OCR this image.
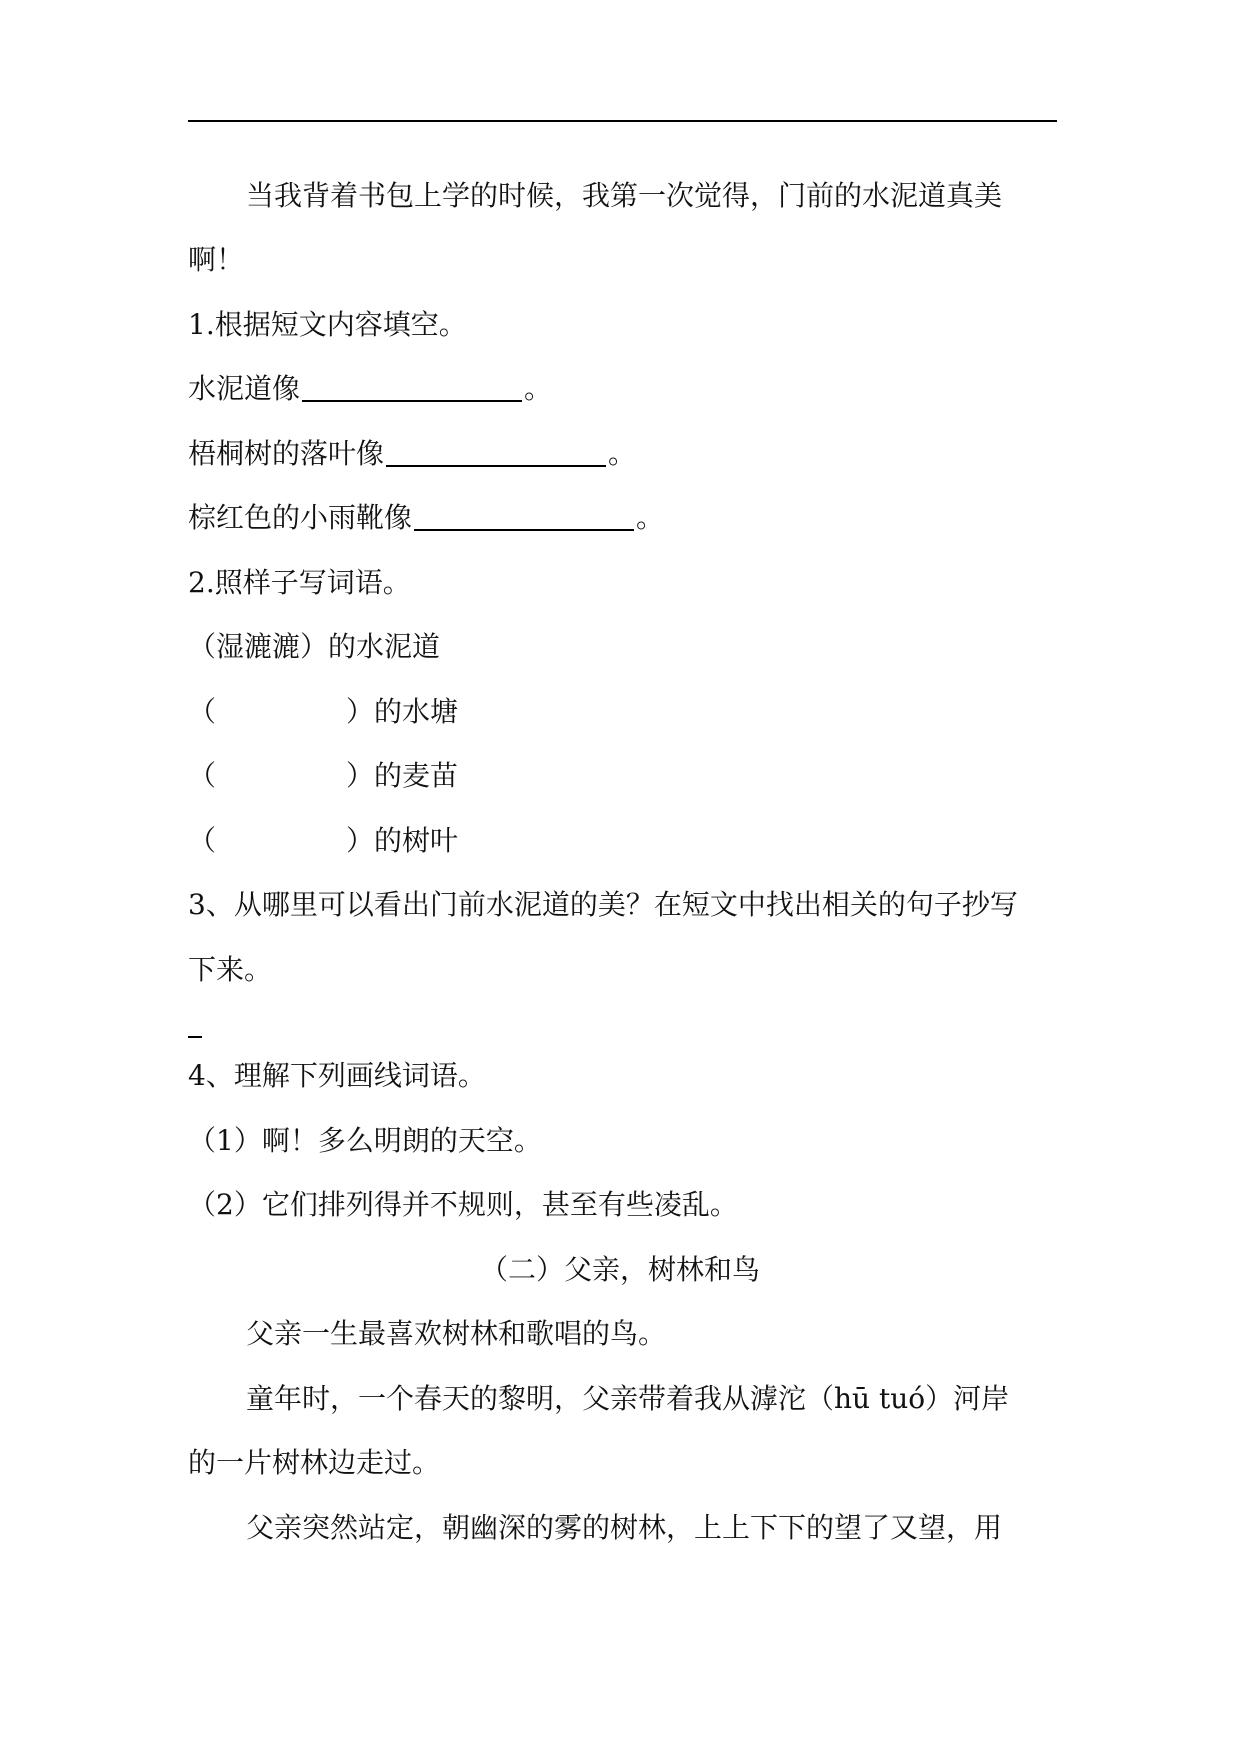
当我背着书包上学的时候，我第一次觉得，门前的水泥道真美
啊！
1.根据短文内容填空。
水泥道像	。
梧桐树的落叶像	。
棕红色的小雨靴像	。
2.照样子写词语。
（湿漉漉）的水泥道
（	）的水塘
（	）的麦苗
（	）的树叶
3、从哪里可以看出门前水泥道的美？在短文中找出相关的句子抄写
下来。
4、理解下列画线词语。
（1）啊！多么明朗的天空。
（2）它们排列得并不规则，甚至有些凌乱。
（二）父亲，树林和鸟
父亲一生最喜欢树林和歌唱的鸟。
童年时，一个春天的黎明，父亲带着我从滹沱（hū tuó）河岸
的一片树林边走过。
父亲突然站定，朝幽深的雾的树林，上上下下的望了又望，用
